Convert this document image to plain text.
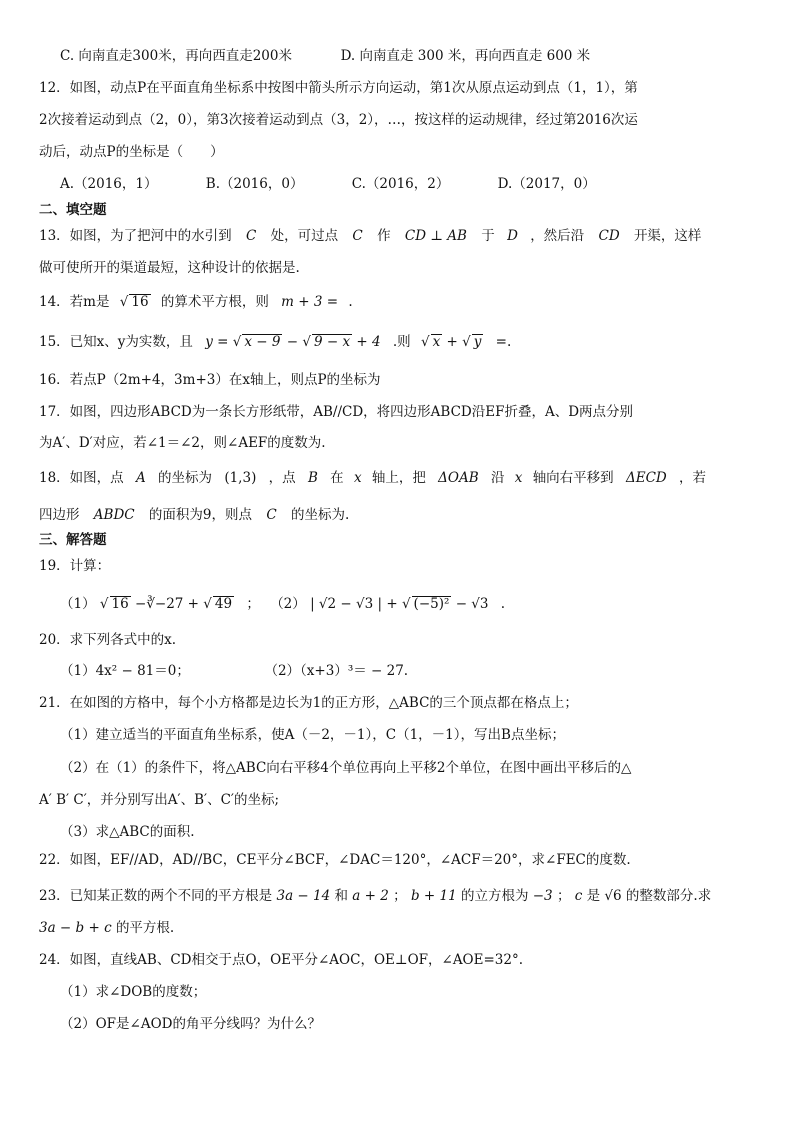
C. 向南直走300米，再向西直走200米	D. 向南直走 300 米，再向西直走 600 米
12．如图，动点P在平面直角坐标系中按图中箭头所示方向运动，第1次从原点运动到点（1，1），第
2次接着运动到点（2，0），第3次接着运动到点（3，2），…，按这样的运动规律，经过第2016次运
动后，动点P的坐标是（　　）
A.（2016，1）	B.（2016，0）	C.（2016，2）	D.（2017，0）
二、填空题
13．如图，为了把河中的水引到 C 处，可过点 C 作 CD ⊥ AB 于 D ，然后沿 CD 开渠，这样
做可使所开的渠道最短，这种设计的依据是.
14．若m是 √ 16 的算术平方根，则 m + 3 = .
15．已知x、y为实数，且 y = √ x − 9 − √ 9 − x + 4 .则 √ x + √ y =.
16．若点P（2m+4，3m+3）在x轴上，则点P的坐标为
17．如图，四边形ABCD为一条长方形纸带，AB//CD，将四边形ABCD沿EF折叠，A、D两点分别
为A′、D′对应，若∠1＝∠2，则∠AEF的度数为.
18．如图，点 A 的坐标为 (1,3) ，点 B 在 x 轴上，把 ΔOAB 沿 x 轴向右平移到 ΔECD ，若
四边形 ABDC 的面积为9，则点 C 的坐标为.
三、解答题
19．计算：
（1） √ 16 −∛−27 + √ 49 ； （2） | √2 − √3 | + √ (−5)² − √3 .
20．求下列各式中的x.
（1）4x² − 81＝0；	（2）（x+3）³＝ − 27.
21．在如图的方格中，每个小方格都是边长为1的正方形，△ABC的三个顶点都在格点上；
（1）建立适当的平面直角坐标系，使A（－2，－1），C（1，－1），写出B点坐标；
（2）在（1）的条件下，将△ABC向右平移4个单位再向上平移2个单位，在图中画出平移后的△
A′ B′ C′，并分别写出A′、B′、C′的坐标;
（3）求△ABC的面积.
22．如图，EF//AD，AD//BC，CE平分∠BCF，∠DAC＝120°，∠ACF＝20°，求∠FEC的度数.
23．已知某正数的两个不同的平方根是 3a − 14 和 a + 2 ； b + 11 的立方根为 −3 ； c 是 √6 的整数部分.求
3a − b + c 的平方根.
24．如图，直线AB、CD相交于点O，OE平分∠AOC，OE⊥OF，∠AOE=32°.
（1）求∠DOB的度数；
（2）OF是∠AOD的角平分线吗？为什么？
